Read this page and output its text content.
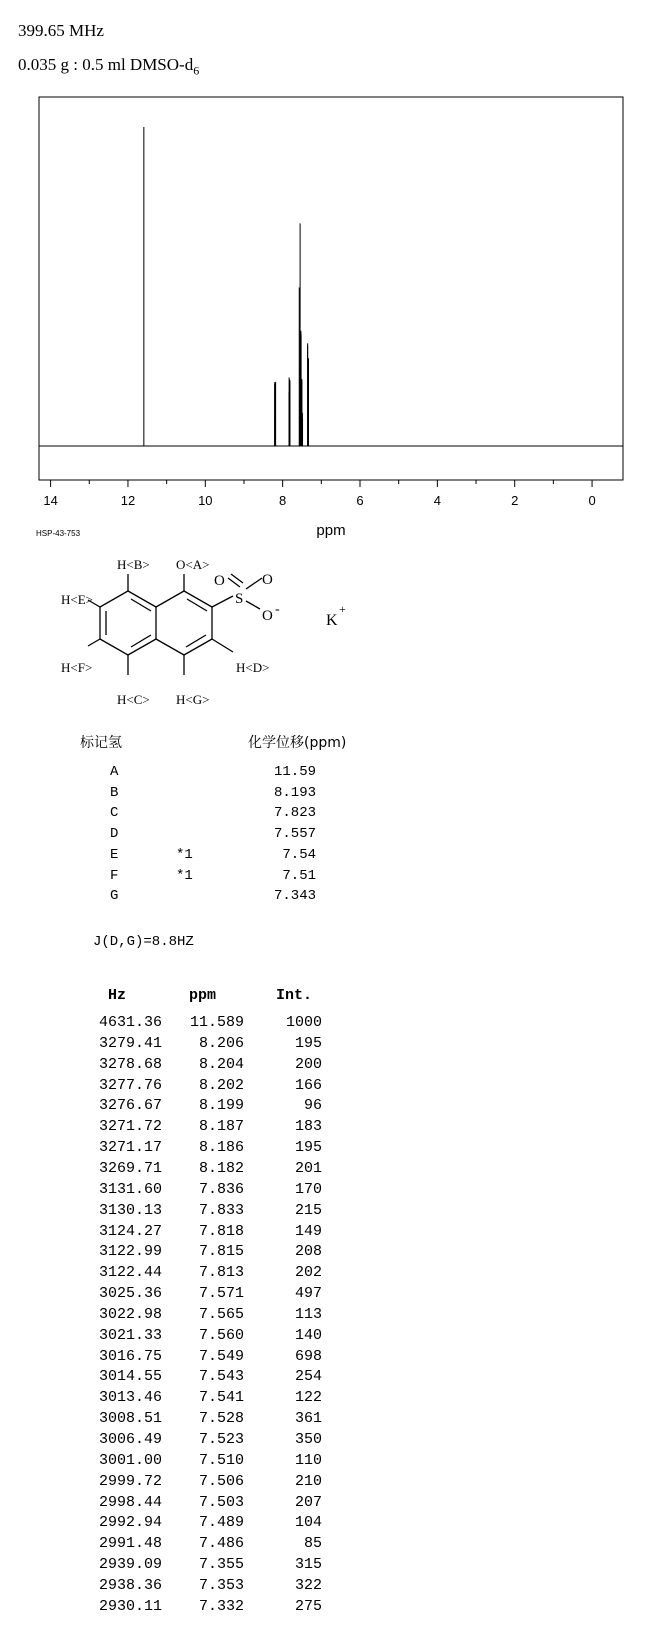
399.65 MHz
0.035 g : 0.5 ml DMSO-$d_6$
14	12	10	8	6	4	2	0
ppm
HSP-43-753
H<B> O<A>
H<E>
H<F>
H<C> H<G>
H<D>
O
S
O
O -
K
+
标记氢	化学位移(ppm)
A	11.59
B	8.193
C	7.823
D	7.557
E	*1	7.54
F	*1	7.51
G	7.343
J(D,G)=8.8HZ
Hz	ppm	Int.
4631.36	11.589	1000
3279.41	8.206	195
3278.68	8.204	200
3277.76	8.202	166
3276.67	8.199	96
3271.72	8.187	183
3271.17	8.186	195
3269.71	8.182	201
3131.60	7.836	170
3130.13	7.833	215
3124.27	7.818	149
3122.99	7.815	208
3122.44	7.813	202
3025.36	7.571	497
3022.98	7.565	113
3021.33	7.560	140
3016.75	7.549	698
3014.55	7.543	254
3013.46	7.541	122
3008.51	7.528	361
3006.49	7.523	350
3001.00	7.510	110
2999.72	7.506	210
2998.44	7.503	207
2992.94	7.489	104
2991.48	7.486	85
2939.09	7.355	315
2938.36	7.353	322
2930.11	7.332	275
